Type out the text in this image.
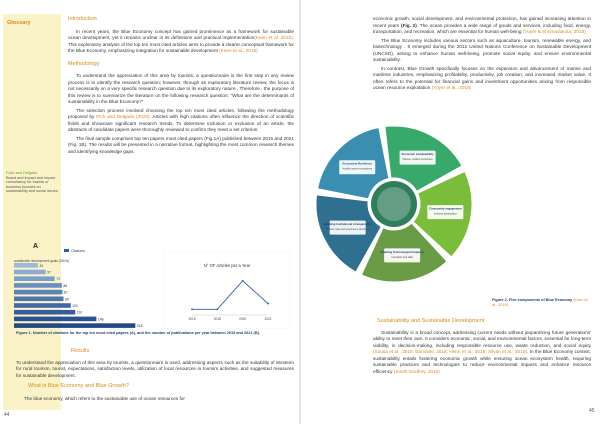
Glossary
Push and Delgado
Brand and impact and impact consultancy for brands or business focused on sustainability and social issues.
Introduction
In recent years, the Blue Economy concept has gained prominence as a framework for sustainable ocean development, yet it remains unclear in its definitions and practical implementation(Keen et al. 2018). This exploratory analysis of the top ten most cited articles aims to provide a clearer conceptual framework for the Blue Economy, emphasizing integration for sustainable development (Keen et al., 2018)
Methodology
To understand the appreciation of this area by tourists, a questionnaire is the first step in any review process is to identify the research question; however, through an exploratory literature review, the focus is not necessarily on a very specific research question due to its exploratory nature . Therefore , the purpose of this review is to summarize the literature on the following research question: "What are the determinants of sustainability in the Blue Economy?".
The selection process involved choosing the top ten most cited articles, following the methodology proposed by Pich and Delgado (2023). Articles with high citations often influence the direction of scientific fields and showcase significant research trends. To determine inclusion or exclusion of an article, the abstracts of candidate papers were thoroughly reviewed to confirm they meet a set criterion.
The final sample comprises top ten papers most cited papers (Fig.1A) published between 2015 and 2021 (Fig. 1B). The results will be presented in a narrative format, highlighting the most common research themes and identifying knowledge gaps.
A
Citations
43
sustainable development goals (SDGs)
57
73
86
87
89
102
110
148
218
N° OF Articles per a Year
2015	2018	2020	2021
Figure 1. Number of citations for the top ten most cited papers (A), and the number of publications per year between 2015 and 2021 (B).
Results
To understand the appreciation of this area by tourists, a questionnaire is used, addressing aspects such as the suitability of Mosteiro for rural tourism, tourist, expectations, satisfaction levels, utilization of local resources in tourism activities, and suggested measures for sustainable development.
What is Blue Economy and Blue Growth?
The blue economy, which refers to the sustainable use of ocean resources for
44
economic growth, social development, and environmental protection, has gained increasing attention in recent years (Fig. 2). The ocean provides a wide range of goods and services, including food, energy, transportation, and recreation, which are essential for human well-being (Voyer & Shrimadukota, 2018)
The Blue Economy includes various sectors such as aquaculture, tourism, renewable energy, and biotechnology . It emerged during the 2012 United Nations Conference on Sustainable Development (UNCSD), aiming to enhance human well-being, promote social equity, and ensure environmental sustainability.
In contrast, Blue Growth specifically focuses on the expansion and advancement of marine and maritime industries, emphasizing profitability, productivity, job creation, and increased market value. It often refers to the potential for financial gains and investment opportunities arising from responsible ocean resource exploitation (Voyer et al., 2018)
Figure 2. Five components of Blue Economy (Keen et al., 2018)
Sustainability and Sustainable Development
Sustainability is a broad concept, addressing current needs without jeopardizing future generations' ability to meet their own. It considers economic, social, and environmental factors, essential for long-term viability, in decision-making, including responsible resource use, waste reduction, and social equity (Sousa et al., 2018; Barnaski, 2018; Henn et al., 2018; Silvan et al., 2015). In the Blue Economy context, sustainability entails fostering economic growth while ensuring ocean ecosystem health, requiring sustainable practices and technologies to reduce environmental impacts and enhance resource efficiency (Smith-Godfrey, 2016)
45
Enabling Institutional Arrangements
Policies, laws and governance structures
Ecosystem Resilience
Healthy marine ecosystems
Economic sustainability
Diverse, resilient economies
Community engagement
Inclusive participation
Enabling Technological Capacity
Innovation and skills
